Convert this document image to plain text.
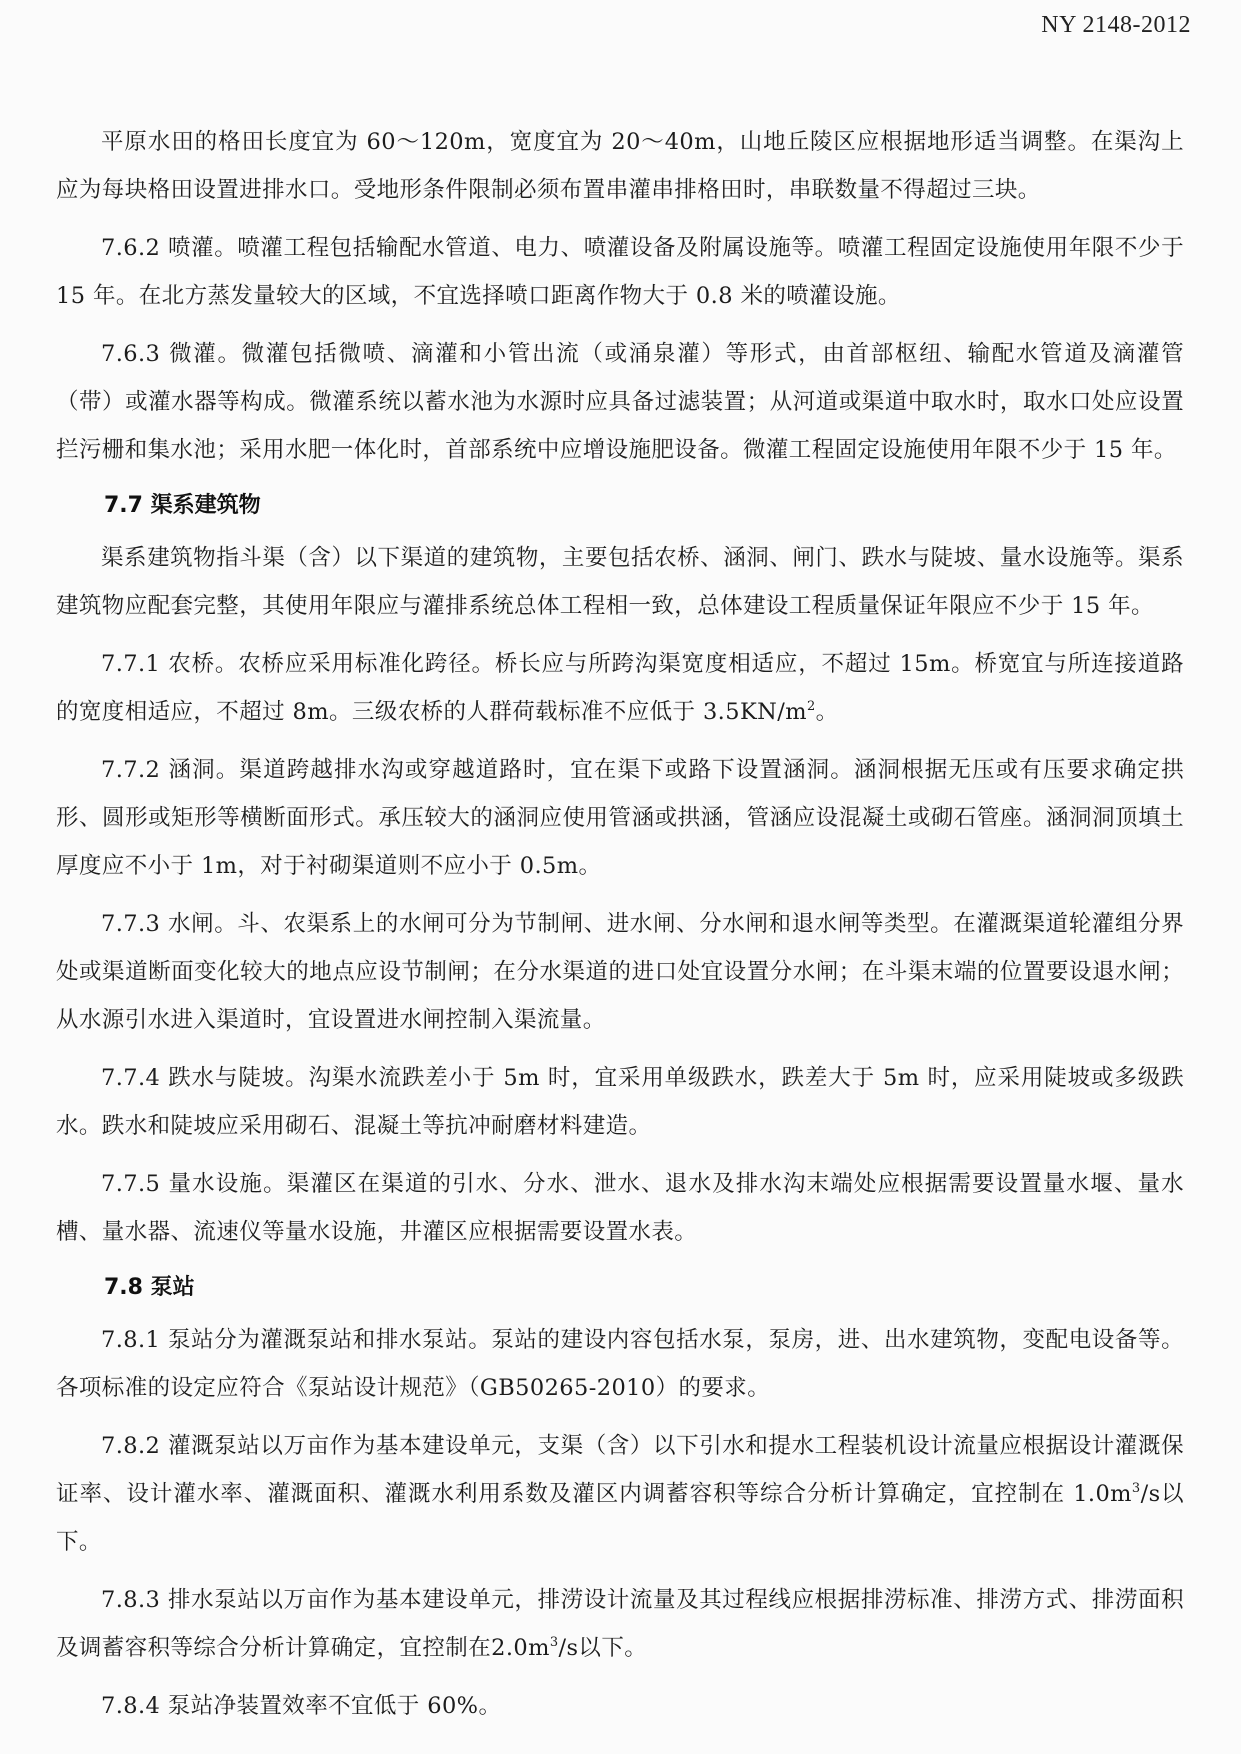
NY 2148-2012

平原水田的格田长度宜为 60～120m，宽度宜为 20～40m，山地丘陵区应根据地形适当调整。在渠沟上应为每块格田设置进排水口。受地形条件限制必须布置串灌串排格田时，串联数量不得超过三块。

7.6.2 喷灌。喷灌工程包括输配水管道、电力、喷灌设备及附属设施等。喷灌工程固定设施使用年限不少于 15 年。在北方蒸发量较大的区域，不宜选择喷口距离作物大于 0.8 米的喷灌设施。

7.6.3 微灌。微灌包括微喷、滴灌和小管出流（或涌泉灌）等形式，由首部枢纽、输配水管道及滴灌管（带）或灌水器等构成。微灌系统以蓄水池为水源时应具备过滤装置；从河道或渠道中取水时，取水口处应设置拦污栅和集水池；采用水肥一体化时，首部系统中应增设施肥设备。微灌工程固定设施使用年限不少于 15 年。

7.7 渠系建筑物

渠系建筑物指斗渠（含）以下渠道的建筑物，主要包括农桥、涵洞、闸门、跌水与陡坡、量水设施等。渠系建筑物应配套完整，其使用年限应与灌排系统总体工程相一致，总体建设工程质量保证年限应不少于 15 年。

7.7.1 农桥。农桥应采用标准化跨径。桥长应与所跨沟渠宽度相适应，不超过 15m。桥宽宜与所连接道路的宽度相适应，不超过 8m。三级农桥的人群荷载标准不应低于 $3.5KN/m^2$。

7.7.2 涵洞。渠道跨越排水沟或穿越道路时，宜在渠下或路下设置涵洞。涵洞根据无压或有压要求确定拱形、圆形或矩形等横断面形式。承压较大的涵洞应使用管涵或拱涵，管涵应设混凝土或砌石管座。涵洞洞顶填土厚度应不小于 1m，对于衬砌渠道则不应小于 0.5m。

7.7.3 水闸。斗、农渠系上的水闸可分为节制闸、进水闸、分水闸和退水闸等类型。在灌溉渠道轮灌组分界处或渠道断面变化较大的地点应设节制闸；在分水渠道的进口处宜设置分水闸；在斗渠末端的位置要设退水闸；从水源引水进入渠道时，宜设置进水闸控制入渠流量。

7.7.4 跌水与陡坡。沟渠水流跌差小于 5m 时，宜采用单级跌水，跌差大于 5m 时，应采用陡坡或多级跌水。跌水和陡坡应采用砌石、混凝土等抗冲耐磨材料建造。

7.7.5 量水设施。渠灌区在渠道的引水、分水、泄水、退水及排水沟末端处应根据需要设置量水堰、量水槽、量水器、流速仪等量水设施，井灌区应根据需要设置水表。

7.8 泵站

7.8.1 泵站分为灌溉泵站和排水泵站。泵站的建设内容包括水泵，泵房，进、出水建筑物，变配电设备等。各项标准的设定应符合《泵站设计规范》（GB50265-2010）的要求。

7.8.2 灌溉泵站以万亩作为基本建设单元，支渠（含）以下引水和提水工程装机设计流量应根据设计灌溉保证率、设计灌水率、灌溉面积、灌溉水利用系数及灌区内调蓄容积等综合分析计算确定，宜控制在 $1.0m^3/s$以下。

7.8.3 排水泵站以万亩作为基本建设单元，排涝设计流量及其过程线应根据排涝标准、排涝方式、排涝面积及调蓄容积等综合分析计算确定，宜控制在$2.0m^3/s$以下。

7.8.4 泵站净装置效率不宜低于 60%。
